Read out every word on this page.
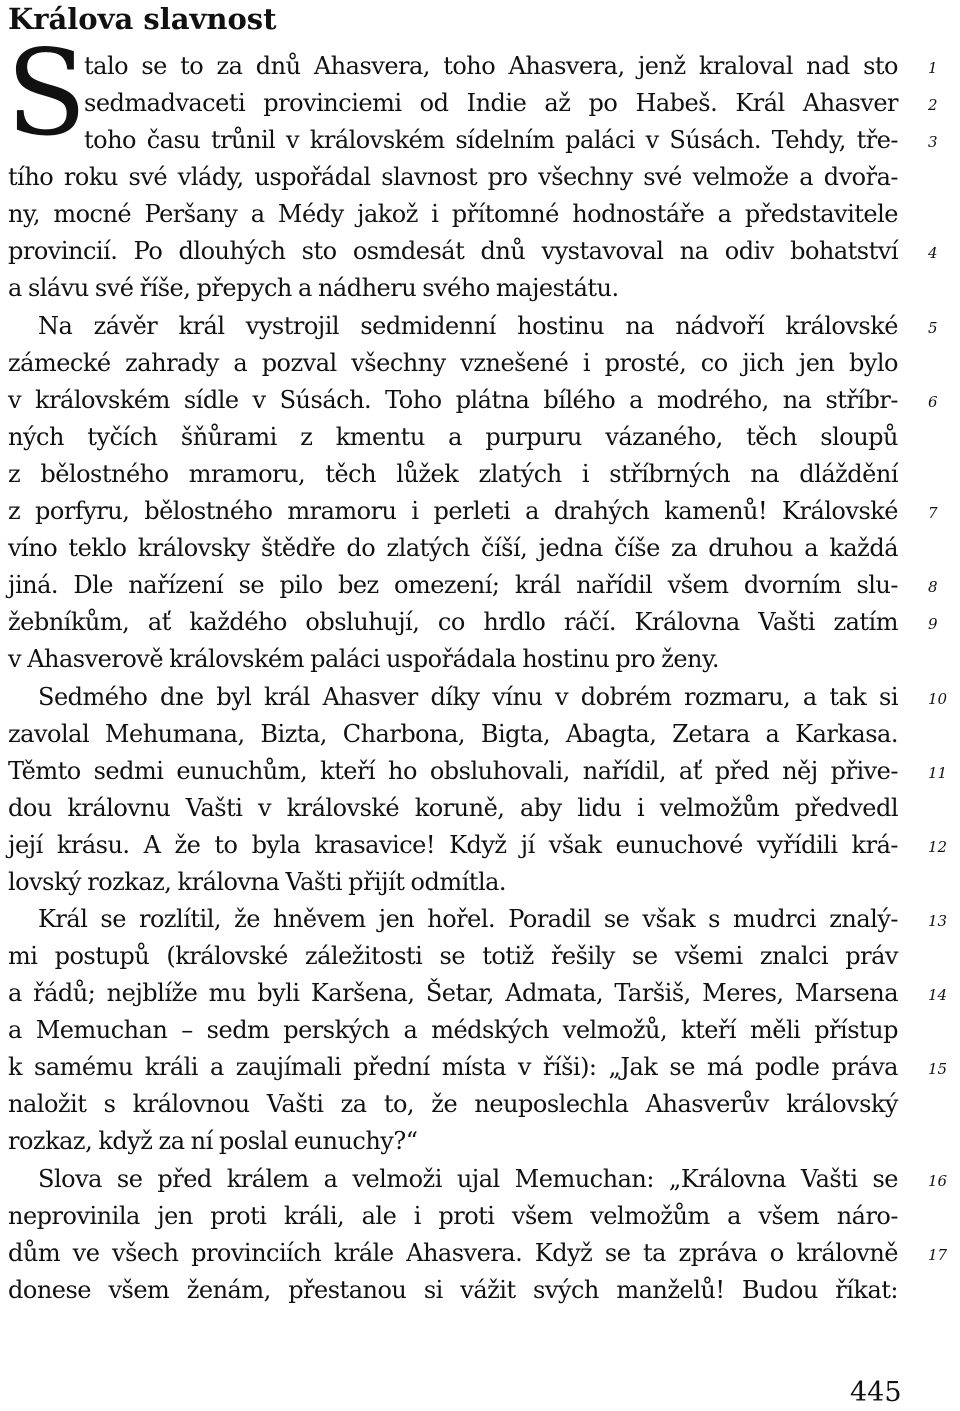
Králova slavnost
S

talo se to za dnů Ahasvera, toho Ahasvera, jenž kraloval nad sto

sedmadvaceti provinciemi od Indie až po Habeš. Král Ahasver

toho času trůnil v královském sídelním paláci v Súsách. Tehdy, tře-

tího roku své vlády, uspořádal slavnost pro všechny své velmože a dvořa-

ny, mocné Peršany a Médy jakož i přítomné hodnostáře a představitele

provincií. Po dlouhých sto osmdesát dnů vystavoval na odiv bohatství

a slávu své říše, přepych a nádheru svého majestátu.

Na závěr král vystrojil sedmidenní hostinu na nádvoří královské

zámecké zahrady a pozval všechny vznešené i prosté, co jich jen bylo

v královském sídle v Súsách. Toho plátna bílého a modrého, na stříbr-

ných tyčích šňůrami z kmentu a purpuru vázaného, těch sloupů

z bělostného mramoru, těch lůžek zlatých i stříbrných na dláždění

z porfyru, bělostného mramoru i perleti a drahých kamenů! Královské

víno teklo královsky štědře do zlatých číší, jedna číše za druhou a každá

jiná. Dle nařízení se pilo bez omezení; král nařídil všem dvorním slu-

žebníkům, ať každého obsluhují, co hrdlo ráčí. Královna Vašti zatím

v Ahasverově královském paláci uspořádala hostinu pro ženy.

Sedmého dne byl král Ahasver díky vínu v dobrém rozmaru, a tak si

zavolal Mehumana, Bizta, Charbona, Bigta, Abagta, Zetara a Karkasa.

Těmto sedmi eunuchům, kteří ho obsluhovali, nařídil, ať před něj přive-

dou královnu Vašti v královské koruně, aby lidu i velmožům předvedl

její krásu. A že to byla krasavice! Když jí však eunuchové vyřídili krá-

lovský rozkaz, královna Vašti přijít odmítla.

Král se rozlítil, že hněvem jen hořel. Poradil se však s mudrci znalý-

mi postupů (královské záležitosti se totiž řešily se všemi znalci práv

a řádů; nejblíže mu byli Karšena, Šetar, Admata, Taršiš, Meres, Marsena

a Memuchan – sedm perských a médských velmožů, kteří měli přístup

k samému králi a zaujímali přední místa v říši): „Jak se má podle práva

naložit s královnou Vašti za to, že neuposlechla Ahasverův královský

rozkaz, když za ní poslal eunuchy?“

Slova se před králem a velmoži ujal Memuchan: „Královna Vašti se

neprovinila jen proti králi, ale i proti všem velmožům a všem náro-

dům ve všech provinciích krále Ahasvera. Když se ta zpráva o královně

donese všem ženám, přestanou si vážit svých manželů! Budou říkat:

1
2
3
4
5
6
7
8
9
10
11
12
13
14
15
16
17
445
